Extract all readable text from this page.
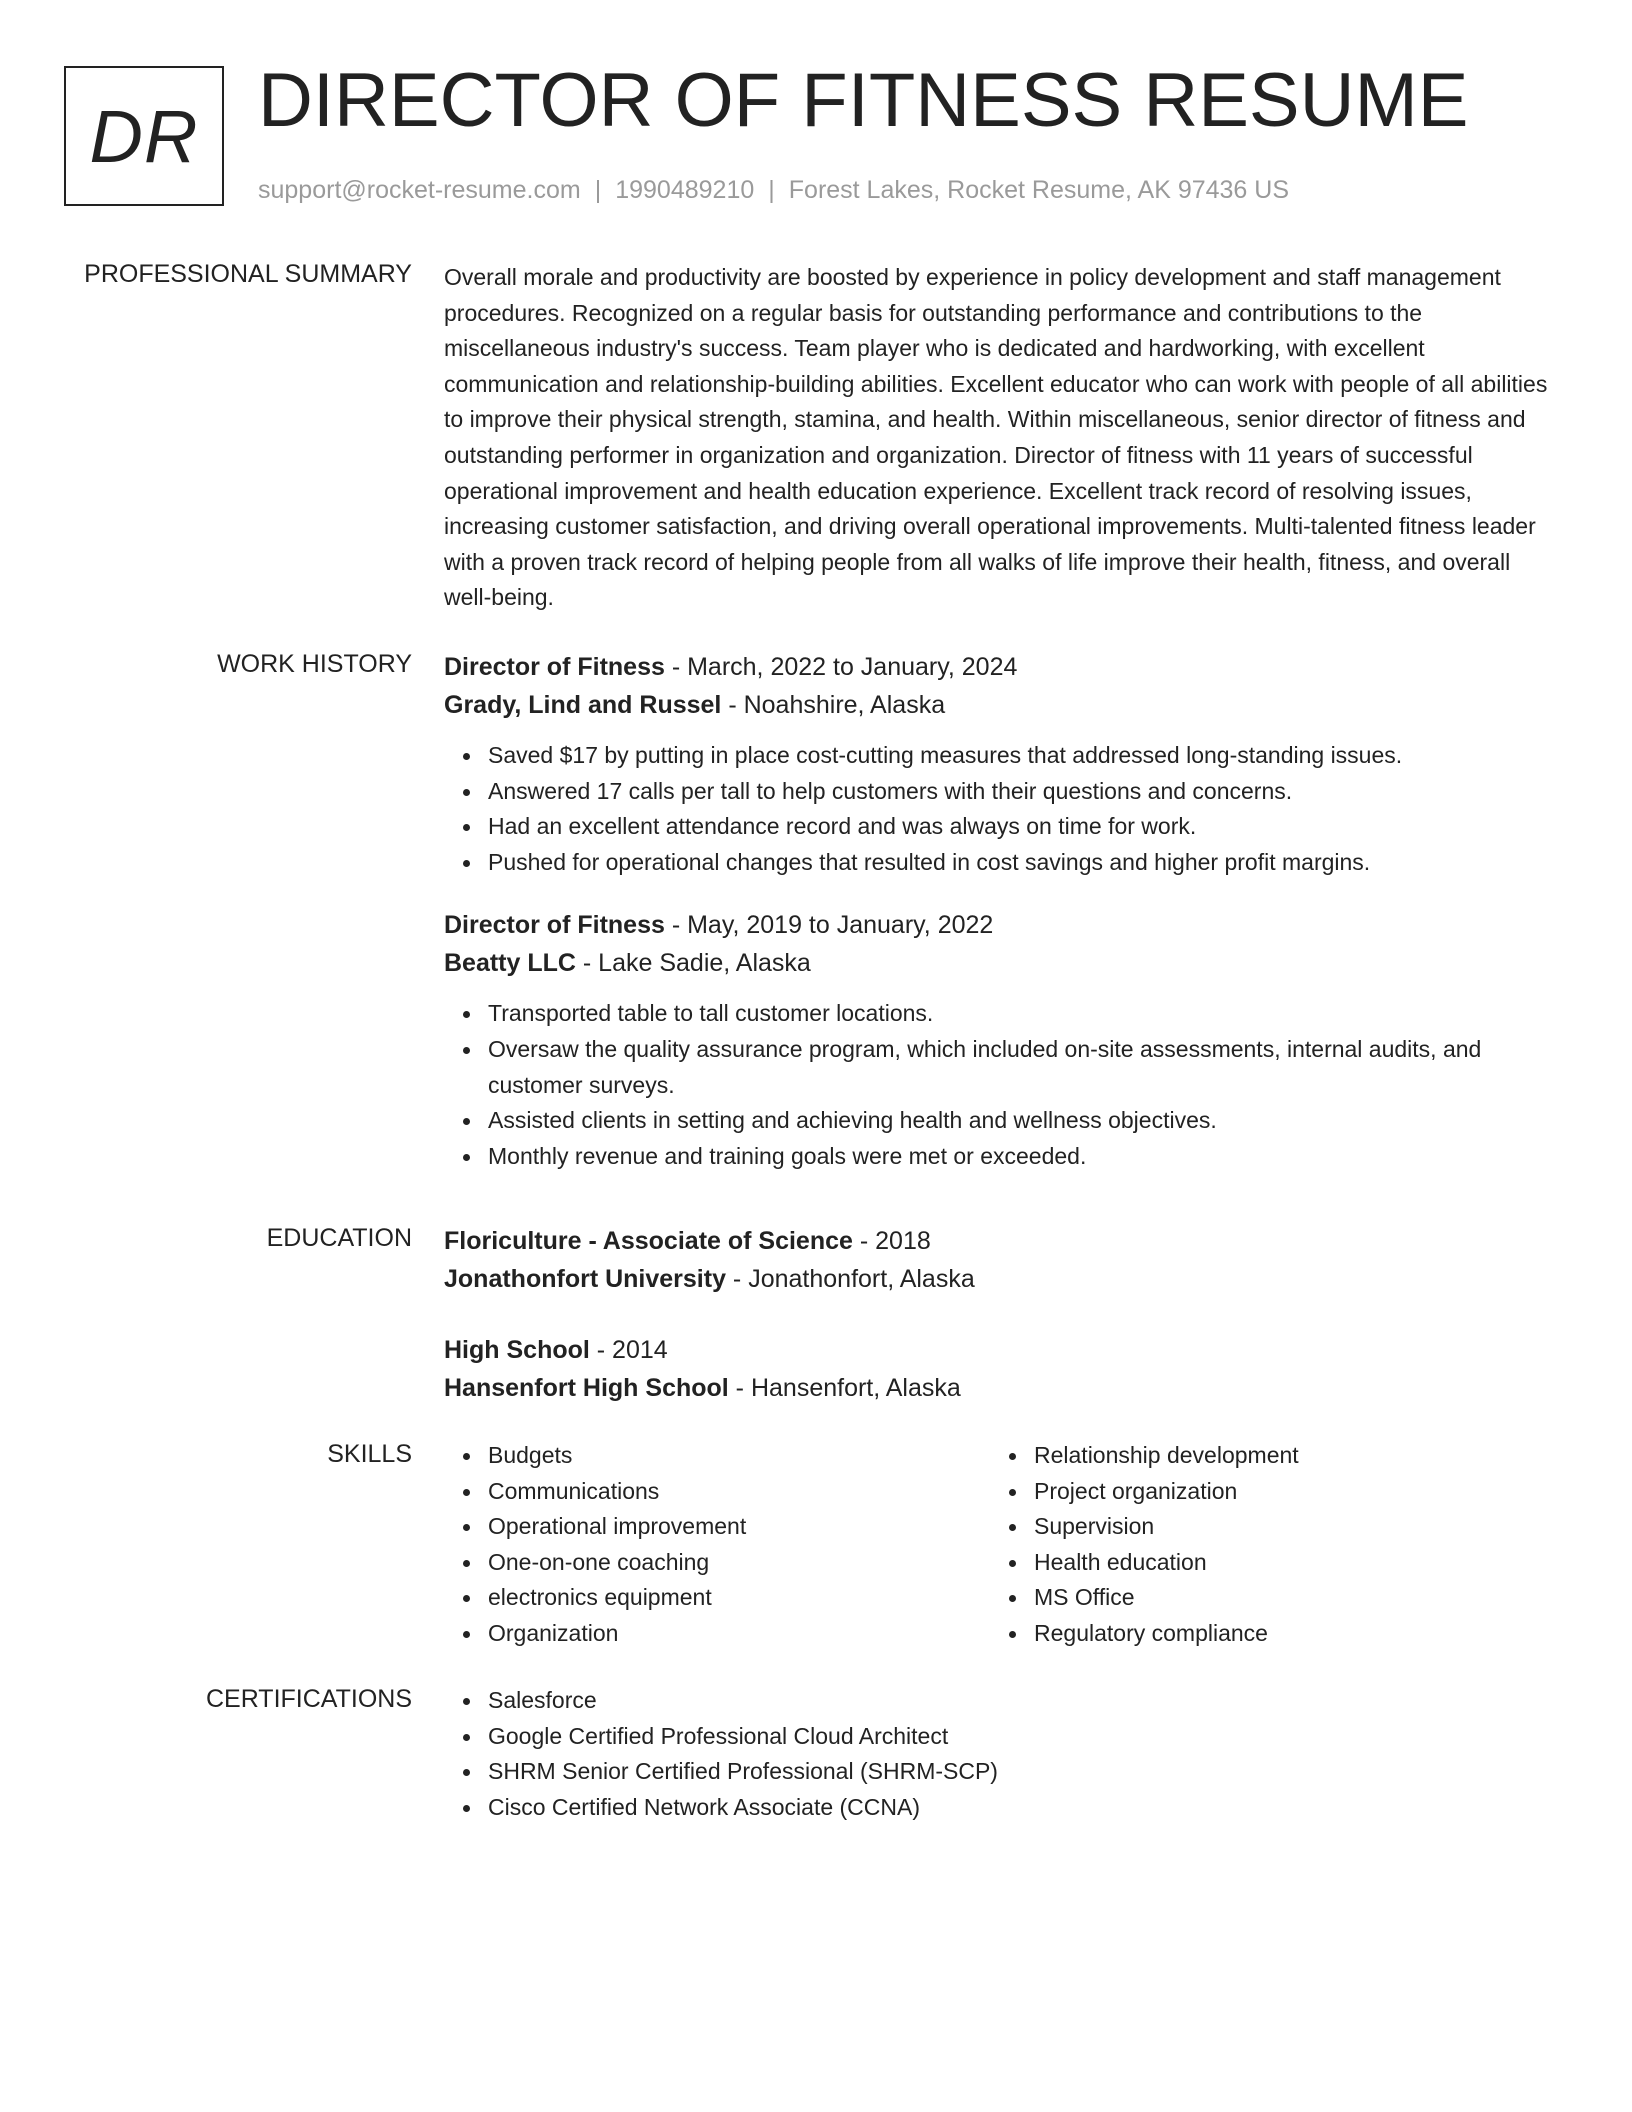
DR DIRECTOR OF FITNESS RESUME
support@rocket-resume.com | 1990489210 | Forest Lakes, Rocket Resume, AK 97436 US
PROFESSIONAL SUMMARY Overall morale and productivity are boosted by experience in policy development and staff management procedures. Recognized on a regular basis for outstanding performance and contributions to the miscellaneous industry's success. Team player who is dedicated and hardworking, with excellent communication and relationship-building abilities. Excellent educator who can work with people of all abilities to improve their physical strength, stamina, and health. Within miscellaneous, senior director of fitness and outstanding performer in organization and organization. Director of fitness with 11 years of successful operational improvement and health education experience. Excellent track record of resolving issues, increasing customer satisfaction, and driving overall operational improvements. Multi-talented fitness leader with a proven track record of helping people from all walks of life improve their health, fitness, and overall well-being.

WORK HISTORY Director of Fitness - March, 2022 to January, 2024
Grady, Lind and Russel - Noahshire, Alaska
Saved $17 by putting in place cost-cutting measures that addressed long-standing issues.
Answered 17 calls per tall to help customers with their questions and concerns.
Had an excellent attendance record and was always on time for work.
Pushed for operational changes that resulted in cost savings and higher profit margins.
Director of Fitness - May, 2019 to January, 2022
Beatty LLC - Lake Sadie, Alaska
Transported table to tall customer locations.
Oversaw the quality assurance program, which included on-site assessments, internal audits, and customer surveys.
Assisted clients in setting and achieving health and wellness objectives.
Monthly revenue and training goals were met or exceeded.
EDUCATION Floriculture - Associate of Science - 2018
Jonathonfort University - Jonathonfort, Alaska
High School - 2014
Hansenfort High School - Hansenfort, Alaska
SKILLS	Budgets
Communications
Operational improvement
One-on-one coaching
electronics equipment
Organization
Relationship development
Project organization
Supervision
Health education
MS Office
Regulatory compliance
CERTIFICATIONS	Salesforce
Google Certified Professional Cloud Architect
SHRM Senior Certified Professional (SHRM-SCP)
Cisco Certified Network Associate (CCNA)
